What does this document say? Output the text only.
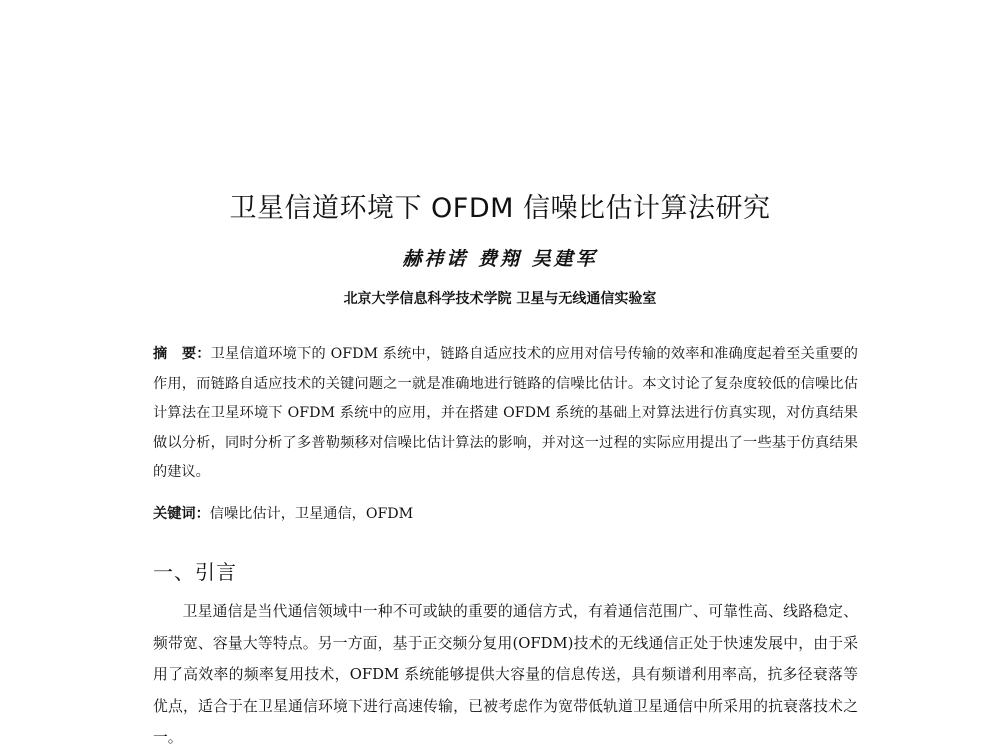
卫星信道环境下 OFDM 信噪比估计算法研究
赫祎诺 费翔 吴建军
北京大学信息科学技术学院 卫星与无线通信实验室
摘　要：卫星信道环境下的 OFDM 系统中，链路自适应技术的应用对信号传输的效率和准确度起着至关重要的作用，而链路自适应技术的关键问题之一就是准确地进行链路的信噪比估计。本文讨论了复杂度较低的信噪比估计算法在卫星环境下 OFDM 系统中的应用，并在搭建 OFDM 系统的基础上对算法进行仿真实现，对仿真结果做以分析，同时分析了多普勒频移对信噪比估计算法的影响，并对这一过程的实际应用提出了一些基于仿真结果的建议。
关键词：信噪比估计，卫星通信，OFDM
一、引言
卫星通信是当代通信领域中一种不可或缺的重要的通信方式，有着通信范围广、可靠性高、线路稳定、频带宽、容量大等特点。另一方面，基于正交频分复用(OFDM)技术的无线通信正处于快速发展中，由于采用了高效率的频率复用技术，OFDM 系统能够提供大容量的信息传送，具有频谱利用率高，抗多径衰落等优点，适合于在卫星通信环境下进行高速传输，已被考虑作为宽带低轨道卫星通信中所采用的抗衰落技术之一。
